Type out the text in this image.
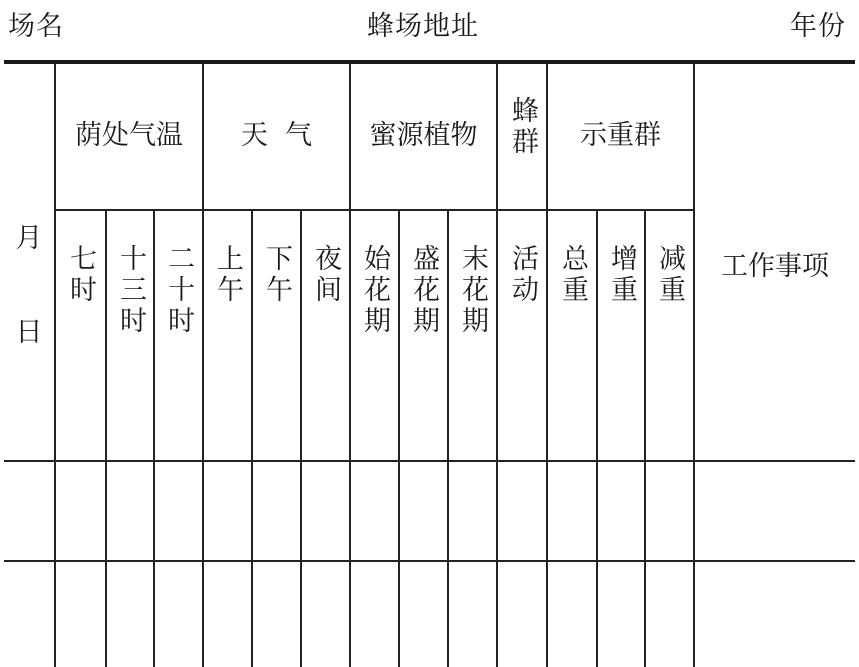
场名	蜂场地址	年份
月
日
荫处气温	天  气	蜜源植物	蜂群	示重群
七时 十三时 二十时 上午 下午 夜间 始花期 盛花期 末花期 活动 总重 增重 减重	工作事项
